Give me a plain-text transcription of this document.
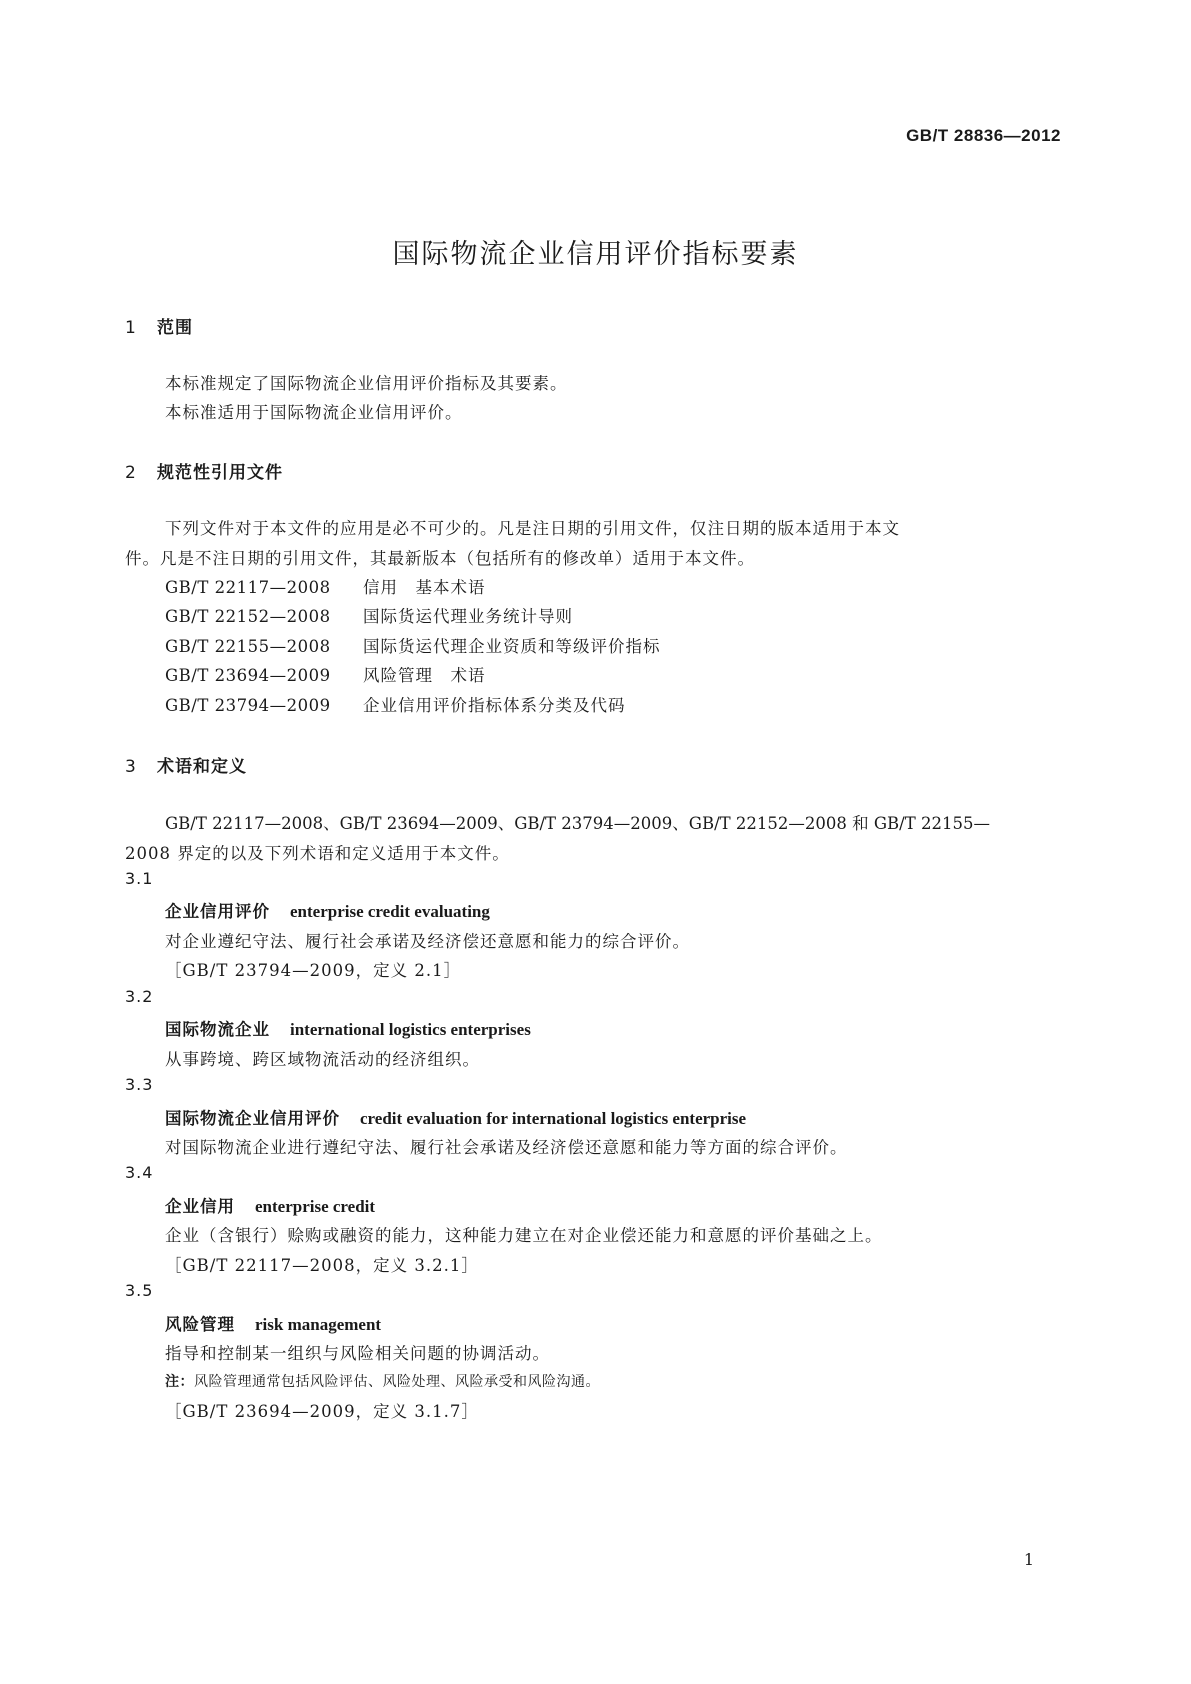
GB/T 28836—2012
国际物流企业信用评价指标要素
1 范围
本标准规定了国际物流企业信用评价指标及其要素。
本标准适用于国际物流企业信用评价。
2 规范性引用文件
下列文件对于本文件的应用是必不可少的。凡是注日期的引用文件，仅注日期的版本适用于本文
件。凡是不注日期的引用文件，其最新版本（包括所有的修改单）适用于本文件。
GB/T 22117—2008 信用　基本术语
GB/T 22152—2008 国际货运代理业务统计导则
GB/T 22155—2008 国际货运代理企业资质和等级评价指标
GB/T 23694—2009 风险管理　术语
GB/T 23794—2009 企业信用评价指标体系分类及代码
3 术语和定义
GB/T 22117—2008、GB/T 23694—2009、GB/T 23794—2009、GB/T 22152—2008 和 GB/T 22155—
2008 界定的以及下列术语和定义适用于本文件。
3.1
企业信用评价 enterprise credit evaluating
对企业遵纪守法、履行社会承诺及经济偿还意愿和能力的综合评价。
［GB/T 23794—2009，定义 2.1］
3.2
国际物流企业 international logistics enterprises
从事跨境、跨区域物流活动的经济组织。
3.3
国际物流企业信用评价 credit evaluation for international logistics enterprise
对国际物流企业进行遵纪守法、履行社会承诺及经济偿还意愿和能力等方面的综合评价。
3.4
企业信用 enterprise credit
企业（含银行）赊购或融资的能力，这种能力建立在对企业偿还能力和意愿的评价基础之上。
［GB/T 22117—2008，定义 3.2.1］
3.5
风险管理 risk management
指导和控制某一组织与风险相关问题的协调活动。
注：风险管理通常包括风险评估、风险处理、风险承受和风险沟通。
［GB/T 23694—2009，定义 3.1.7］
1
